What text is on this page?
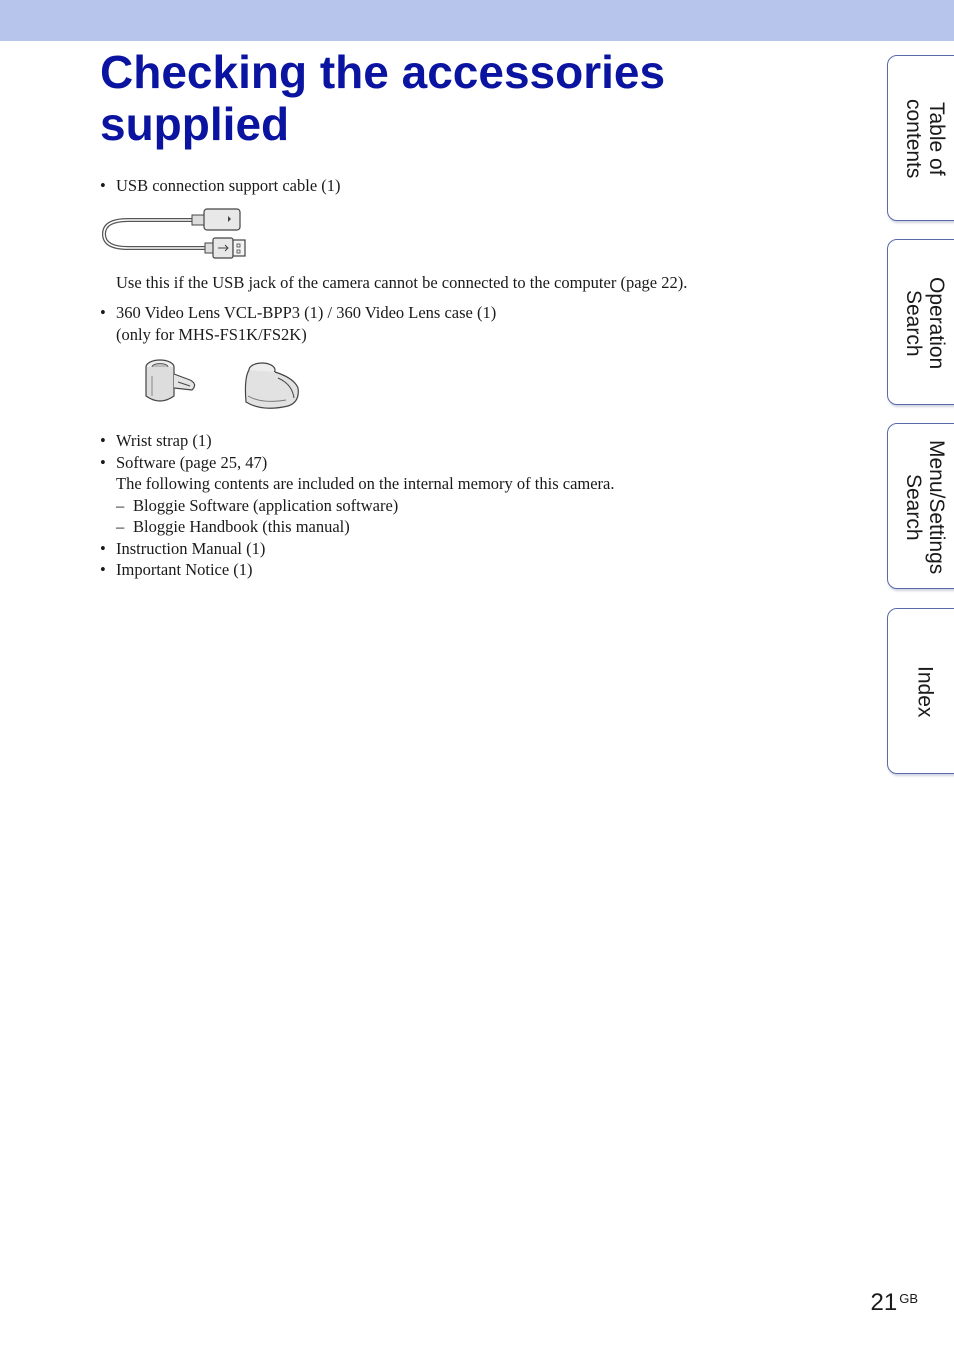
Checking the accessories supplied
• USB connection support cable (1)
Use this if the USB jack of the camera cannot be connected to the computer (page 22).
• 360 Video Lens VCL-BPP3 (1) / 360 Video Lens case (1)
(only for MHS-FS1K/FS2K)
• Wrist strap (1)
• Software (page 25, 47)
The following contents are included on the internal memory of this camera.
– Bloggie Software (application software)
– Bloggie Handbook (this manual)
• Instruction Manual (1)
• Important Notice (1)
Table of
contents
Operation
Search
Menu/Settings
Search
Index
21 $^{GB}$
